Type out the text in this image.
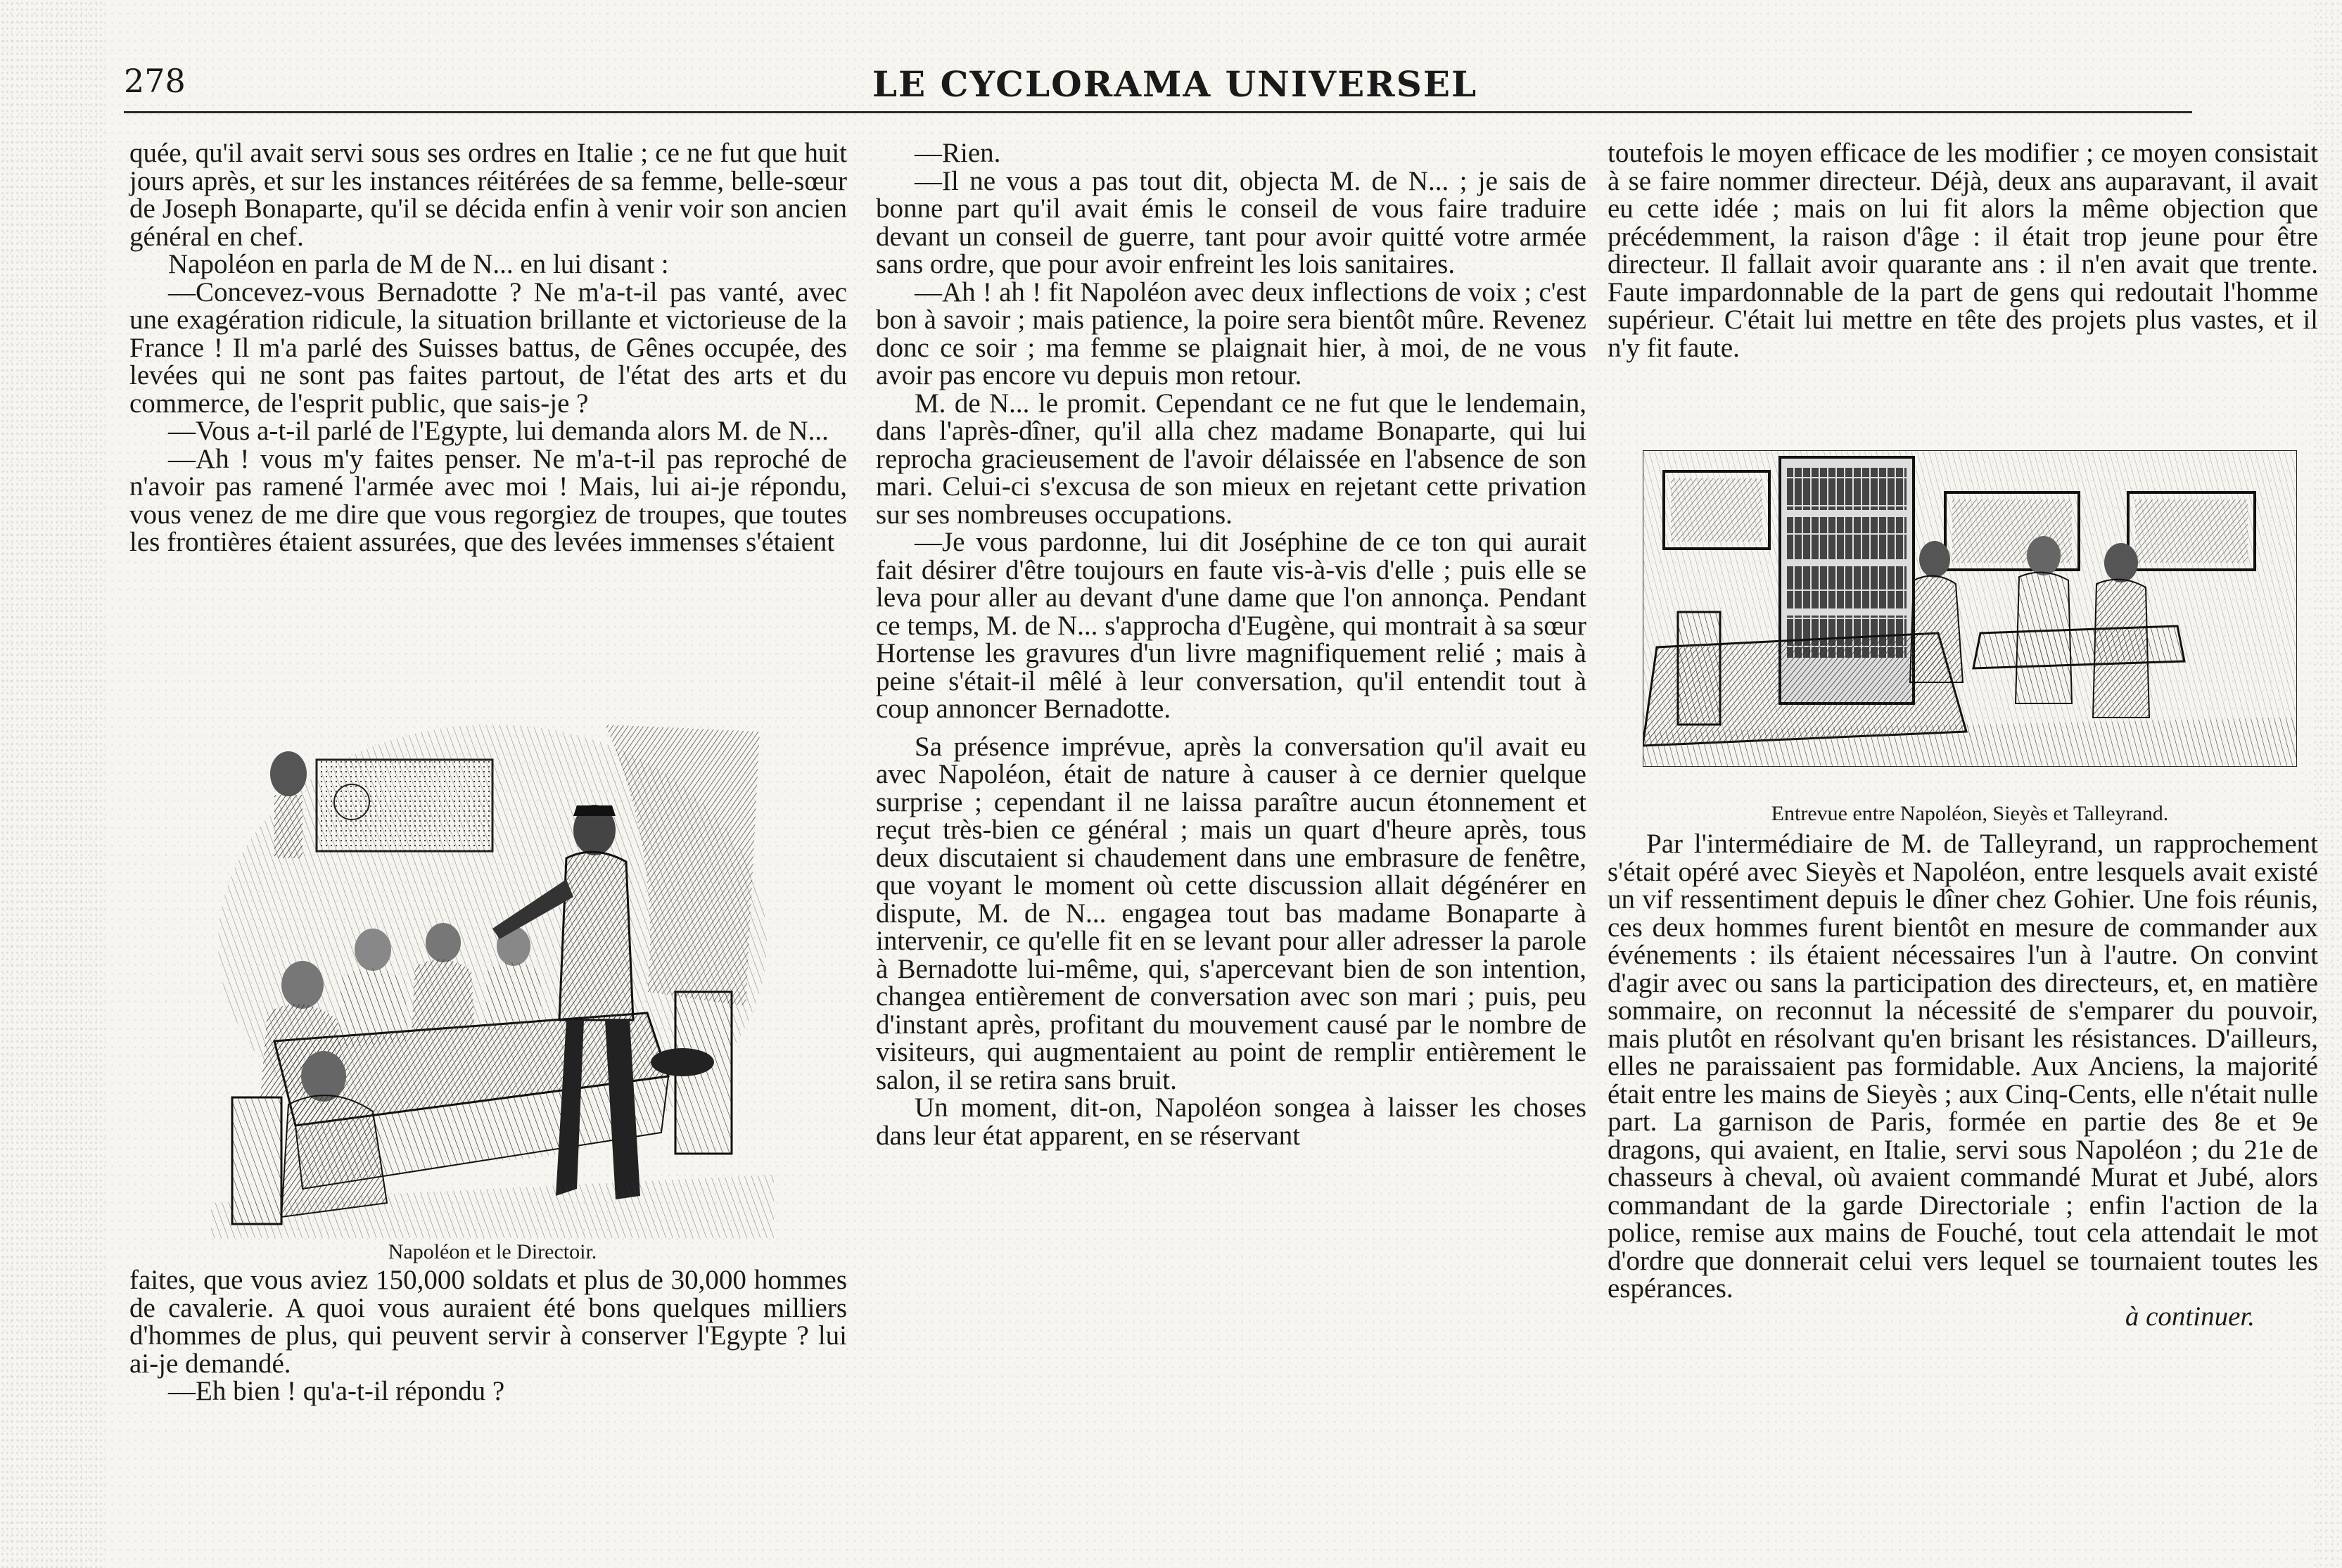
278	LE CYCLORAMA UNIVERSEL

quée, qu'il avait servi sous ses ordres en Italie ; ce ne fut que huit jours après, et sur les instances réitérées de sa femme, belle-sœur de Joseph Bonaparte, qu'il se décida enfin à venir voir son ancien général en chef.

Napoléon en parla de M de N... en lui disant :

—Concevez-vous Bernadotte ? Ne m'a-t-il pas vanté, avec une exagération ridicule, la situation brillante et victorieuse de la France ! Il m'a parlé des Suisses battus, de Gênes occupée, des levées qui ne sont pas faites partout, de l'état des arts et du commerce, de l'esprit public, que sais-je ?

—Vous a-t-il parlé de l'Egypte, lui demanda alors M. de N...

—Ah ! vous m'y faites penser. Ne m'a-t-il pas reproché de n'avoir pas ramené l'armée avec moi ! Mais, lui ai-je répondu, vous venez de me dire que vous regorgiez de troupes, que toutes les frontières étaient assurées, que des levées immenses s'étaient

Napoléon et le Directoir.

faites, que vous aviez 150,000 soldats et plus de 30,000 hommes de cavalerie. A quoi vous auraient été bons quelques milliers d'hommes de plus, qui peuvent servir à conserver l'Egypte ? lui ai-je demandé.

—Eh bien ! qu'a-t-il répondu ?

—Rien.

—Il ne vous a pas tout dit, objecta M. de N... ; je sais de bonne part qu'il avait émis le conseil de vous faire traduire devant un conseil de guerre, tant pour avoir quitté votre armée sans ordre, que pour avoir enfreint les lois sanitaires.

—Ah ! ah ! fit Napoléon avec deux inflections de voix ; c'est bon à savoir ; mais patience, la poire sera bientôt mûre. Revenez donc ce soir ; ma femme se plaignait hier, à moi, de ne vous avoir pas encore vu depuis mon retour.

M. de N... le promit. Cependant ce ne fut que le lendemain, dans l'après-dîner, qu'il alla chez madame Bonaparte, qui lui reprocha gracieusement de l'avoir délaissée en l'absence de son mari. Celui-ci s'excusa de son mieux en rejetant cette privation sur ses nombreuses occupations.

—Je vous pardonne, lui dit Joséphine de ce ton qui aurait fait désirer d'être toujours en faute vis-à-vis d'elle ; puis elle se leva pour aller au devant d'une dame que l'on annonça. Pendant ce temps, M. de N... s'approcha d'Eugène, qui montrait à sa sœur Hortense les gravures d'un livre magnifiquement relié ; mais à peine s'était-il mêlé à leur conversation, qu'il entendit tout à coup annoncer Bernadotte.

Sa présence imprévue, après la conversation qu'il avait eu avec Napoléon, était de nature à causer à ce dernier quelque surprise ; cependant il ne laissa paraître aucun étonnement et reçut très-bien ce général ; mais un quart d'heure après, tous deux discutaient si chaudement dans une embrasure de fenêtre, que voyant le moment où cette discussion allait dégénérer en dispute, M. de N... engagea tout bas madame Bonaparte à intervenir, ce qu'elle fit en se levant pour aller adresser la parole à Bernadotte lui-même, qui, s'apercevant bien de son intention, changea entièrement de conversation avec son mari ; puis, peu d'instant après, profitant du mouvement causé par le nombre de visiteurs, qui augmentaient au point de remplir entièrement le salon, il se retira sans bruit.

Un moment, dit-on, Napoléon songea à laisser les choses dans leur état apparent, en se réservant

toutefois le moyen efficace de les modifier ; ce moyen consistait à se faire nommer directeur. Déjà, deux ans auparavant, il avait eu cette idée ; mais on lui fit alors la même objection que précédemment, la raison d'âge : il était trop jeune pour être directeur. Il fallait avoir quarante ans : il n'en avait que trente. Faute impardonnable de la part de gens qui redoutait l'homme supérieur. C'était lui mettre en tête des projets plus vastes, et il n'y fit faute.

Entrevue entre Napoléon, Sieyès et Talleyrand.

Par l'intermédiaire de M. de Talleyrand, un rapprochement s'était opéré avec Sieyès et Napoléon, entre lesquels avait existé un vif ressentiment depuis le dîner chez Gohier. Une fois réunis, ces deux hommes furent bientôt en mesure de commander aux événements : ils étaient nécessaires l'un à l'autre. On convint d'agir avec ou sans la participation des directeurs, et, en matière sommaire, on reconnut la nécessité de s'emparer du pouvoir, mais plutôt en résolvant qu'en brisant les résistances. D'ailleurs, elles ne paraissaient pas formidable. Aux Anciens, la majorité était entre les mains de Sieyès ; aux Cinq-Cents, elle n'était nulle part. La garnison de Paris, formée en partie des 8e et 9e dragons, qui avaient, en Italie, servi sous Napoléon ; du 21e de chasseurs à cheval, où avaient commandé Murat et Jubé, alors commandant de la garde Directoriale ; enfin l'action de la police, remise aux mains de Fouché, tout cela attendait le mot d'ordre que donnerait celui vers lequel se tournaient toutes les espérances.

à continuer.
